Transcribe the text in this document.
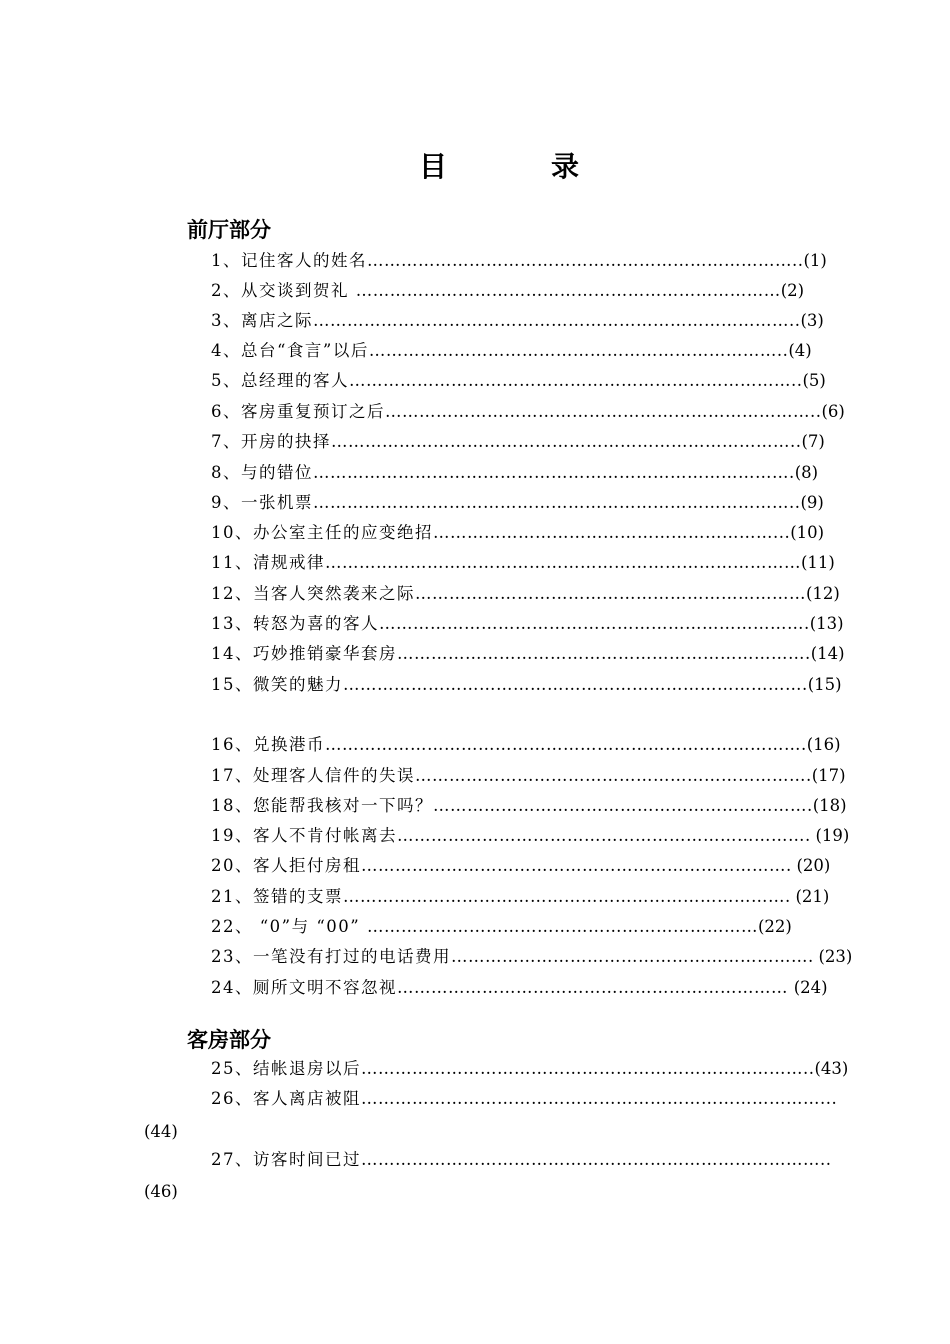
目　录
前厅部分
1、记住客人的姓名…………………………………………………………………..(1)
2、从交谈到贺礼 …………………………………………………………………(2)
3、离店之际…………………………………………………………………………..(3)
4、总台“食言”以后………………………………………………………………..(4)
5、总经理的客人……………………………………………………………………..(5)
6、客房重复预订之后…………………………………………………………………..(6)
7、开房的抉择………………………………………………………………………..(7)
8、与的错位………………………………………………………………………….(8)
9、一张机票…………………………………………………………………………..(9)
10、办公室主任的应变绝招……………………………………………………...(10)
11、清规戒律…………………………………………………………………………(11)
12、当客人突然袭来之际……………………………………………………………(12)
13、转怒为喜的客人………………………………………………………………….(13)
14、巧妙推销豪华套房……………………………………………………………….(14)
15、微笑的魅力……………………………………………………………………….(15)
16、兑换港币………………………………………………………………………….(16)
17、处理客人信件的失误…………………………………………………………….(17)
18、您能帮我核对一下吗？………………………………………………………….(18)
19、客人不肯付帐离去………………………………………………………………. (19)
20、客人拒付房租…………………………………………………………………. (20)
21、签错的支票……………………………………………………………………. (21)
22、 “0”与 “00” ……………………………………………………………(22)
23、一笔没有打过的电话费用………………………………………………………. (23)
24、厕所文明不容忽视…………………………………………………………… (24)
客房部分
25、结帐退房以后……………………………………………………………………..(43)
26、客人离店被阻………………………………………………………………………...
27、访客时间已过………………………………………………………………………..
(44)
(46)
